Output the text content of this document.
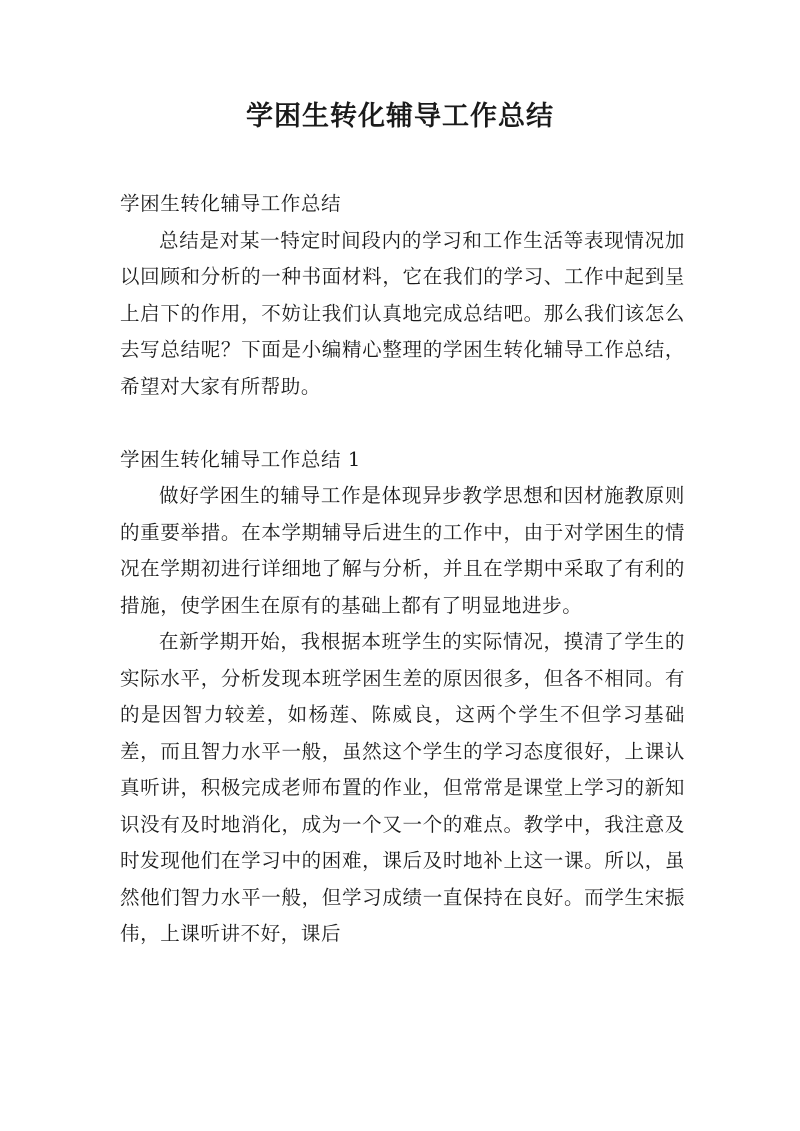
学困生转化辅导工作总结

学困生转化辅导工作总结

总结是对某一特定时间段内的学习和工作生活等表现情况加以回顾和分析的一种书面材料，它在我们的学习、工作中起到呈上启下的作用，不妨让我们认真地完成总结吧。那么我们该怎么去写总结呢？下面是小编精心整理的学困生转化辅导工作总结，希望对大家有所帮助。

学困生转化辅导工作总结 1

做好学困生的辅导工作是体现异步教学思想和因材施教原则的重要举措。在本学期辅导后进生的工作中，由于对学困生的情况在学期初进行详细地了解与分析，并且在学期中采取了有利的措施，使学困生在原有的基础上都有了明显地进步。

在新学期开始，我根据本班学生的实际情况，摸清了学生的实际水平，分析发现本班学困生差的原因很多，但各不相同。有的是因智力较差，如杨莲、陈威良，这两个学生不但学习基础差，而且智力水平一般，虽然这个学生的学习态度很好，上课认真听讲，积极完成老师布置的作业，但常常是课堂上学习的新知识没有及时地消化，成为一个又一个的难点。教学中，我注意及时发现他们在学习中的困难，课后及时地补上这一课。所以，虽然他们智力水平一般，但学习成绩一直保持在良好。而学生宋振伟，上课听讲不好，课后
